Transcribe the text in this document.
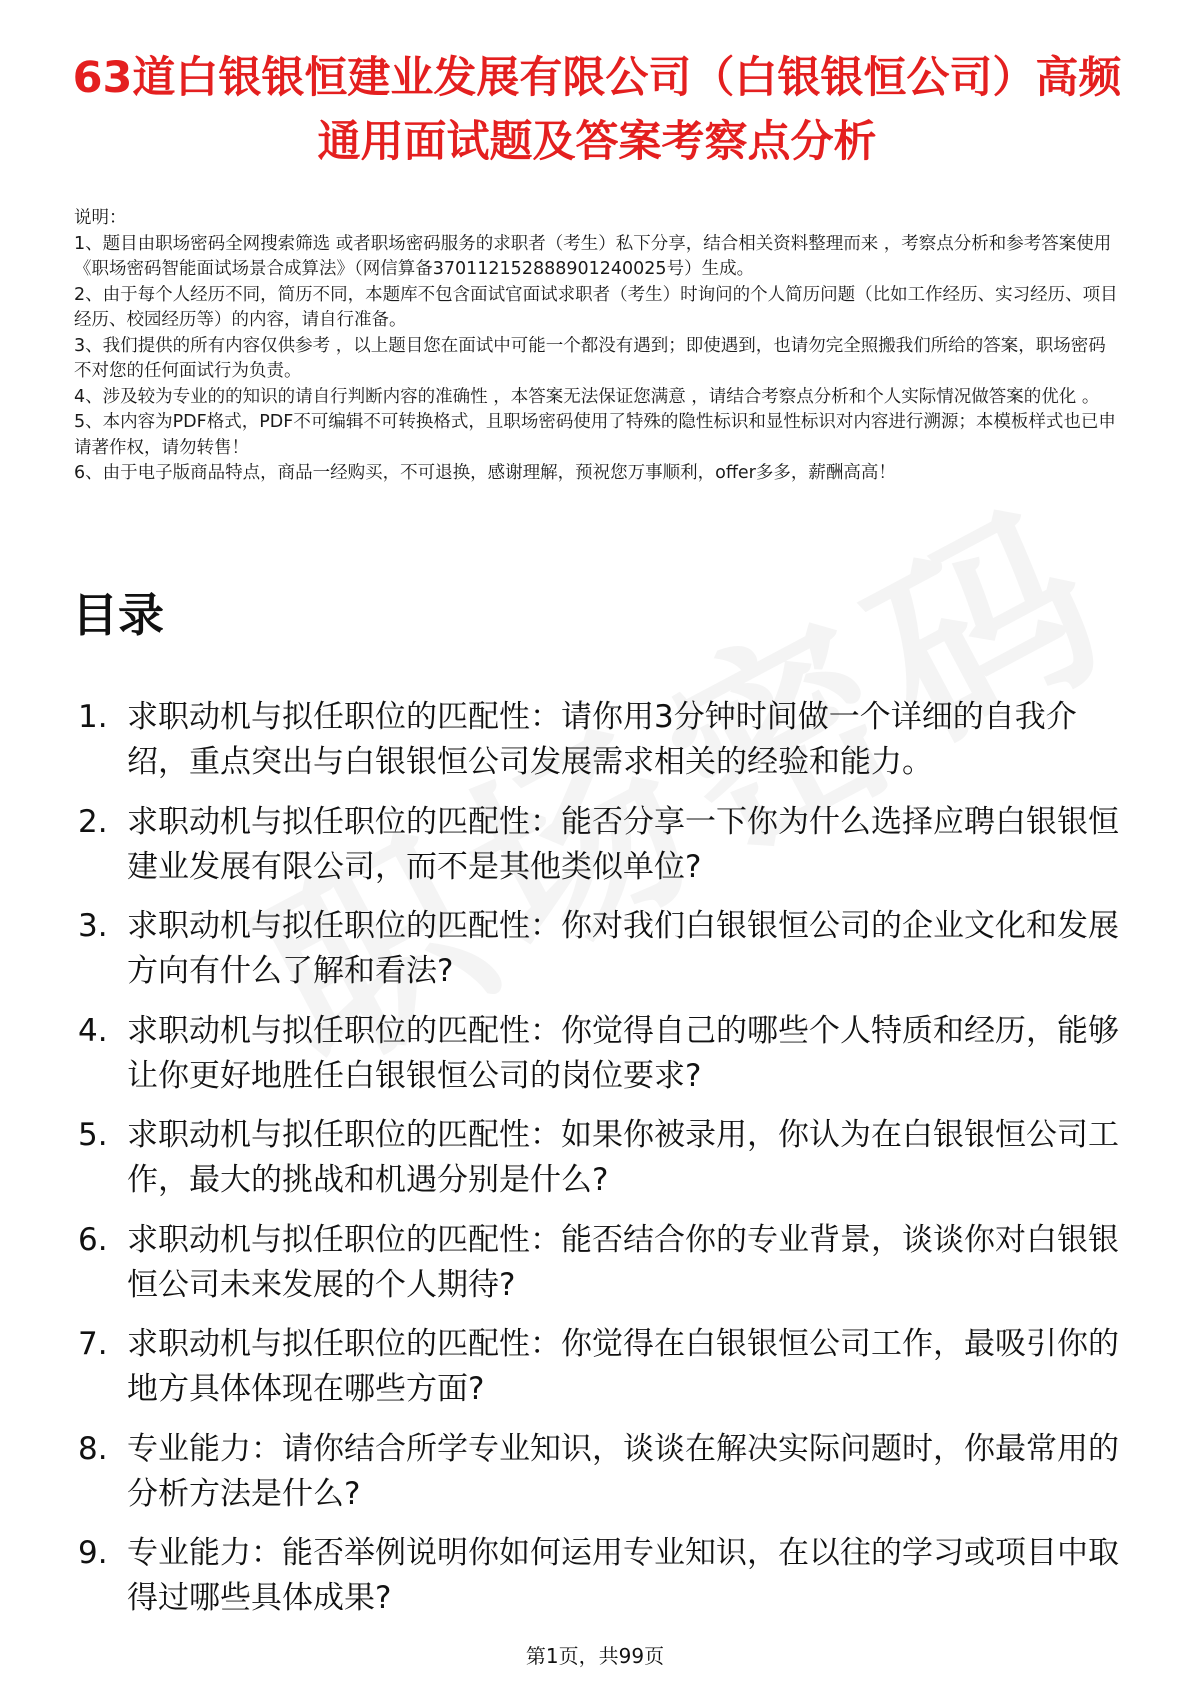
63道白银银恒建业发展有限公司（白银银恒公司）高频通用面试题及答案考察点分析

说明：

1、题目由职场密码全网搜索筛选 或者职场密码服务的求职者（考生）私下分享，结合相关资料整理而来 ，考察点分析和参考答案使用《职场密码智能面试场景合成算法》（网信算备370112152888901240025号）生成。

2、由于每个人经历不同，简历不同，本题库不包含面试官面试求职者（考生）时询问的个人简历问题（比如工作经历、实习经历、项目经历、校园经历等）的内容，请自行准备。

3、我们提供的所有内容仅供参考 ，以上题目您在面试中可能一个都没有遇到；即使遇到，也请勿完全照搬我们所给的答案，职场密码不对您的任何面试行为负责。

4、涉及较为专业的的知识的请自行判断内容的准确性 ，本答案无法保证您满意 ，请结合考察点分析和个人实际情况做答案的优化 。

5、本内容为PDF格式，PDF不可编辑不可转换格式，且职场密码使用了特殊的隐性标识和显性标识对内容进行溯源；本模板样式也已申请著作权，请勿转售！

6、由于电子版商品特点，商品一经购买，不可退换，感谢理解，预祝您万事顺利，offer多多，薪酬高高！

目录
1. 求职动机与拟任职位的匹配性：请你用3分钟时间做一个详细的自我介绍，重点突出与白银银恒公司发展需求相关的经验和能力。
2. 求职动机与拟任职位的匹配性：能否分享一下你为什么选择应聘白银银恒建业发展有限公司，而不是其他类似单位?
3. 求职动机与拟任职位的匹配性：你对我们白银银恒公司的企业文化和发展方向有什么了解和看法?
4. 求职动机与拟任职位的匹配性：你觉得自己的哪些个人特质和经历，能够让你更好地胜任白银银恒公司的岗位要求?
5. 求职动机与拟任职位的匹配性：如果你被录用，你认为在白银银恒公司工作，最大的挑战和机遇分别是什么?
6. 求职动机与拟任职位的匹配性：能否结合你的专业背景，谈谈你对白银银恒公司未来发展的个人期待?
7. 求职动机与拟任职位的匹配性：你觉得在白银银恒公司工作，最吸引你的地方具体体现在哪些方面?
8. 专业能力：请你结合所学专业知识，谈谈在解决实际问题时，你最常用的分析方法是什么?
9. 专业能力：能否举例说明你如何运用专业知识，在以往的学习或项目中取得过哪些具体成果?
第1页，共99页
